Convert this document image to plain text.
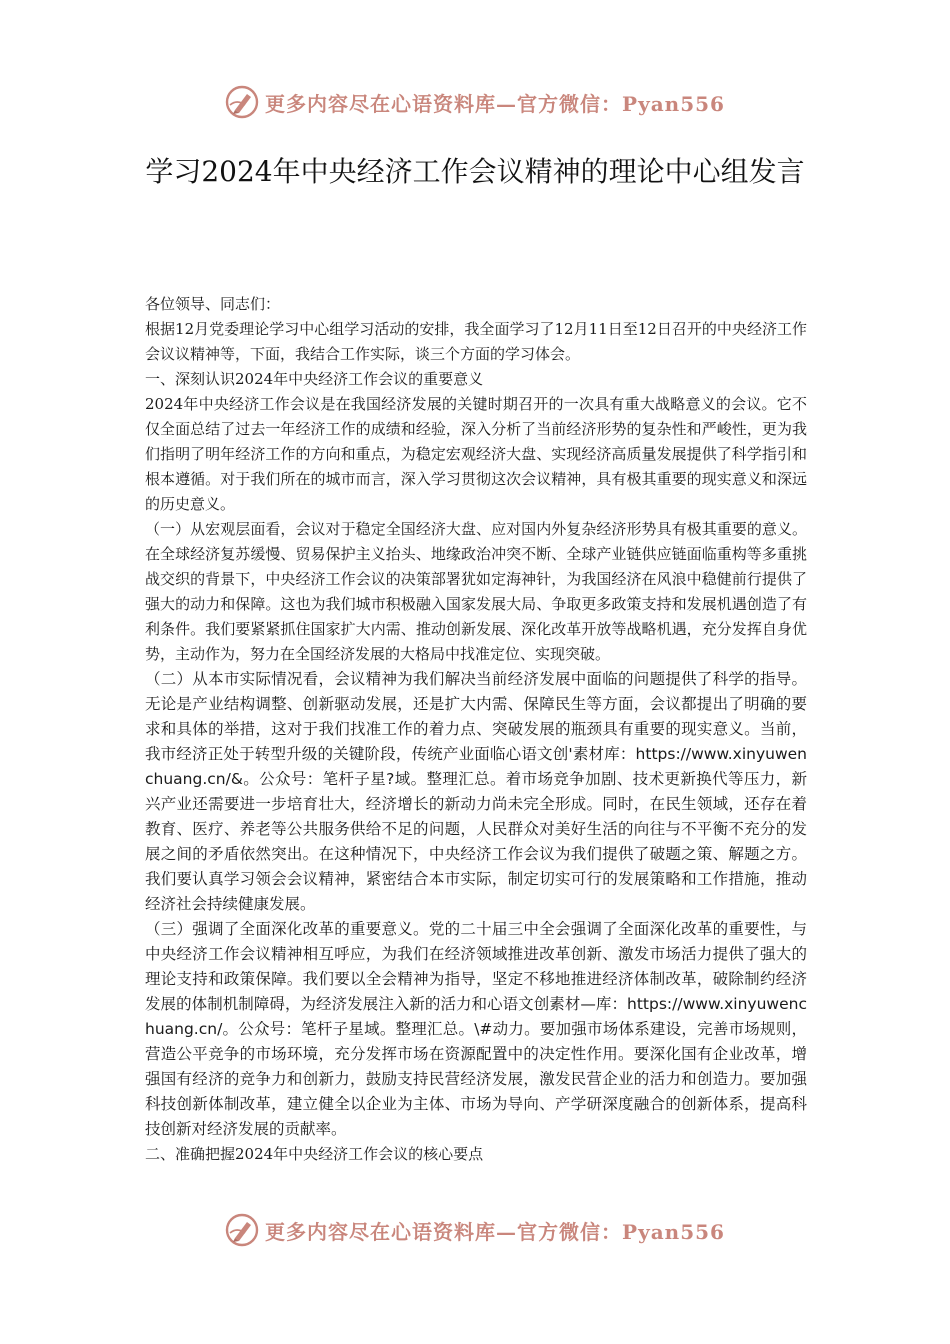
更多内容尽在心语资料库—官方微信：Pyan556
学习2024年中央经济工作会议精神的理论中心组发言

各位领导、同志们：

根据12月党委理论学习中心组学习活动的安排，我全面学习了12月11日至12日召开的中央经济工作会议议精神等，下面，我结合工作实际，谈三个方面的学习体会。

一、深刻认识2024年中央经济工作会议的重要意义

2024年中央经济工作会议是在我国经济发展的关键时期召开的一次具有重大战略意义的会议。它不仅全面总结了过去一年经济工作的成绩和经验，深入分析了当前经济形势的复杂性和严峻性，更为我们指明了明年经济工作的方向和重点，为稳定宏观经济大盘、实现经济高质量发展提供了科学指引和根本遵循。对于我们所在的城市而言，深入学习贯彻这次会议精神，具有极其重要的现实意义和深远的历史意义。

（一）从宏观层面看，会议对于稳定全国经济大盘、应对国内外复杂经济形势具有极其重要的意义。在全球经济复苏缓慢、贸易保护主义抬头、地缘政治冲突不断、全球产业链供应链面临重构等多重挑战交织的背景下，中央经济工作会议的决策部署犹如定海神针，为我国经济在风浪中稳健前行提供了强大的动力和保障。这也为我们城市积极融入国家发展大局、争取更多政策支持和发展机遇创造了有利条件。我们要紧紧抓住国家扩大内需、推动创新发展、深化改革开放等战略机遇，充分发挥自身优势，主动作为，努力在全国经济发展的大格局中找准定位、实现突破。

（二）从本市实际情况看，会议精神为我们解决当前经济发展中面临的问题提供了科学的指导。无论是产业结构调整、创新驱动发展，还是扩大内需、保障民生等方面，会议都提出了明确的要求和具体的举措，这对于我们找准工作的着力点、突破发展的瓶颈具有重要的现实意义。当前，我市经济正处于转型升级的关键阶段，传统产业面临心语文创'素材库：https://www.xinyuwenchuang.cn/&。公众号：笔杆子星?域。整理汇总。着市场竞争加剧、技术更新换代等压力，新兴产业还需要进一步培育壮大，经济增长的新动力尚未完全形成。同时，在民生领域，还存在着教育、医疗、养老等公共服务供给不足的问题，人民群众对美好生活的向往与不平衡不充分的发展之间的矛盾依然突出。在这种情况下，中央经济工作会议为我们提供了破题之策、解题之方。我们要认真学习领会会议精神，紧密结合本市实际，制定切实可行的发展策略和工作措施，推动经济社会持续健康发展。

（三）强调了全面深化改革的重要意义。党的二十届三中全会强调了全面深化改革的重要性，与中央经济工作会议精神相互呼应，为我们在经济领域推进改革创新、激发市场活力提供了强大的理论支持和政策保障。我们要以全会精神为指导，坚定不移地推进经济体制改革，破除制约经济发展的体制机制障碍，为经济发展注入新的活力和心语文创素材—库：https://www.xinyuwenchuang.cn/。公众号：笔杆子星域。整理汇总。\#动力。要加强市场体系建设，完善市场规则，营造公平竞争的市场环境，充分发挥市场在资源配置中的决定性作用。要深化国有企业改革，增强国有经济的竞争力和创新力，鼓励支持民营经济发展，激发民营企业的活力和创造力。要加强科技创新体制改革，建立健全以企业为主体、市场为导向、产学研深度融合的创新体系，提高科技创新对经济发展的贡献率。

二、准确把握2024年中央经济工作会议的核心要点

更多内容尽在心语资料库—官方微信：Pyan556
